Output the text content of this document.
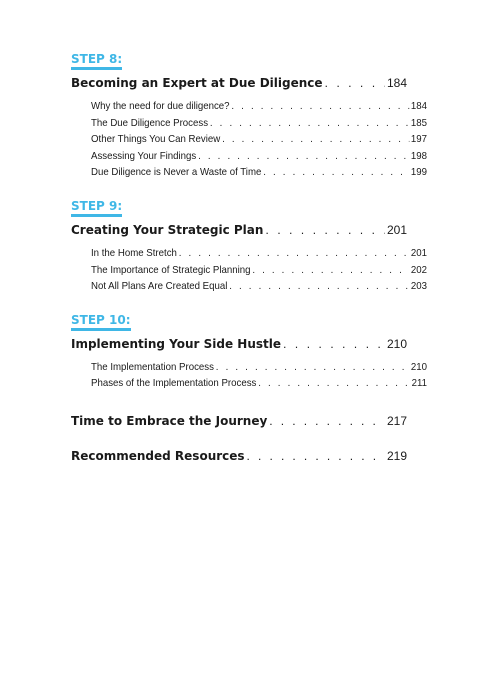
STEP 8:
Becoming an Expert at Due Diligence . . .	184
Why the need for due diligence? . . .	184
The Due Diligence Process . . .	185
Other Things You Can Review . . .	197
Assessing Your Findings . . .	198
Due Diligence is Never a Waste of Time . . .	199
STEP 9:
Creating Your Strategic Plan . . .	201
In the Home Stretch . . .	201
The Importance of Strategic Planning . . .	202
Not All Plans Are Created Equal . . .	203
STEP 10:
Implementing Your Side Hustle . . .	210
The Implementation Process . . .	210
Phases of the Implementation Process . . .	211
Time to Embrace the Journey . . .	217
Recommended Resources . . .	219
